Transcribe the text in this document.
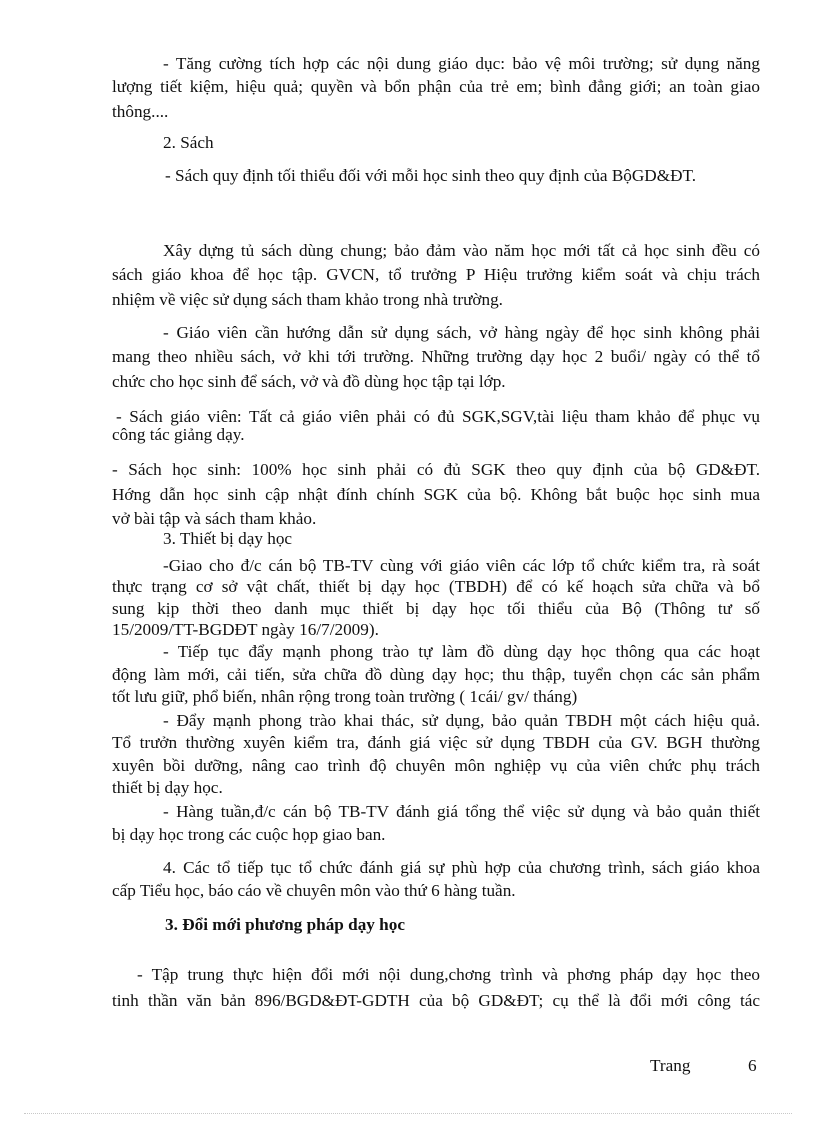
- Tăng cường tích hợp các nội dung giáo dục: bảo vệ môi trường; sử dụng năng
lượng tiết kiệm, hiệu quả; quyền và bổn phận của trẻ em; bình đẳng giới; an toàn giao
thông....
2. Sách
- Sách quy định tối thiểu đối với mỗi học sinh theo quy định của BộGD&ĐT.
Xây dựng tủ sách dùng chung; bảo đảm vào năm học mới tất cả học sinh đều có
sách giáo khoa để học tập. GVCN, tổ trưởng P Hiệu trưởng kiểm soát và chịu trách
nhiệm về việc sử dụng sách tham khảo trong nhà trường.
- Giáo viên cần hướng dẫn sử dụng sách, vở hàng ngày để học sinh không phải
mang theo nhiều sách, vở khi tới trường. Những trường dạy học 2 buổi/ ngày có thể tổ
chức cho học sinh để sách, vở và đồ dùng học tập tại lớp.
- Sách giáo viên: Tất cả giáo viên phải có đủ SGK,SGV,tài liệu tham khảo để phục vụ
công tác giảng dạy.
- Sách học sinh: 100% học sinh phải có đủ SGK theo quy định của bộ GD&ĐT.
Hớng dẫn học sinh cập nhật đính chính SGK của bộ. Không bắt buộc học sinh mua
vở bài tập và sách tham khảo.
3. Thiết bị dạy học
-Giao cho đ/c cán bộ TB-TV cùng với giáo viên các lớp tổ chức kiểm tra, rà soát
thực trạng cơ sở vật chất, thiết bị dạy học (TBDH) để có kế hoạch sửa chữa và bổ
sung kịp thời theo danh mục thiết bị dạy học tối thiểu của Bộ (Thông tư số
15/2009/TT-BGDĐT ngày 16/7/2009).
- Tiếp tục đẩy mạnh phong trào tự làm đồ dùng dạy học thông qua các hoạt
động làm mới, cải tiến, sửa chữa đồ dùng dạy học; thu thập, tuyển chọn các sản phẩm
tốt lưu giữ, phổ biến, nhân rộng trong toàn trường ( 1cái/ gv/ tháng)
- Đẩy mạnh phong trào khai thác, sử dụng, bảo quản TBDH một cách hiệu quả.
Tổ trưởn thường xuyên kiểm tra, đánh giá việc sử dụng TBDH của GV. BGH thường
xuyên bồi dưỡng, nâng cao trình độ chuyên môn nghiệp vụ của viên chức phụ trách
thiết bị dạy học.
- Hàng tuần,đ/c cán bộ TB-TV đánh giá tổng thể việc sử dụng và bảo quản thiết
bị dạy học trong các cuộc họp giao ban.
4. Các tổ tiếp tục tổ chức đánh giá sự phù hợp của chương trình, sách giáo khoa
cấp Tiểu học, báo cáo về chuyên môn vào thứ 6 hàng tuần.
3. Đổi mới phương pháp dạy học
- Tập trung thực hiện đổi mới nội dung,chơng trình và phơng pháp dạy học theo
tinh thần văn bản 896/BGD&ĐT-GDTH của bộ GD&ĐT; cụ thể là đổi mới công tác
Trang	6
